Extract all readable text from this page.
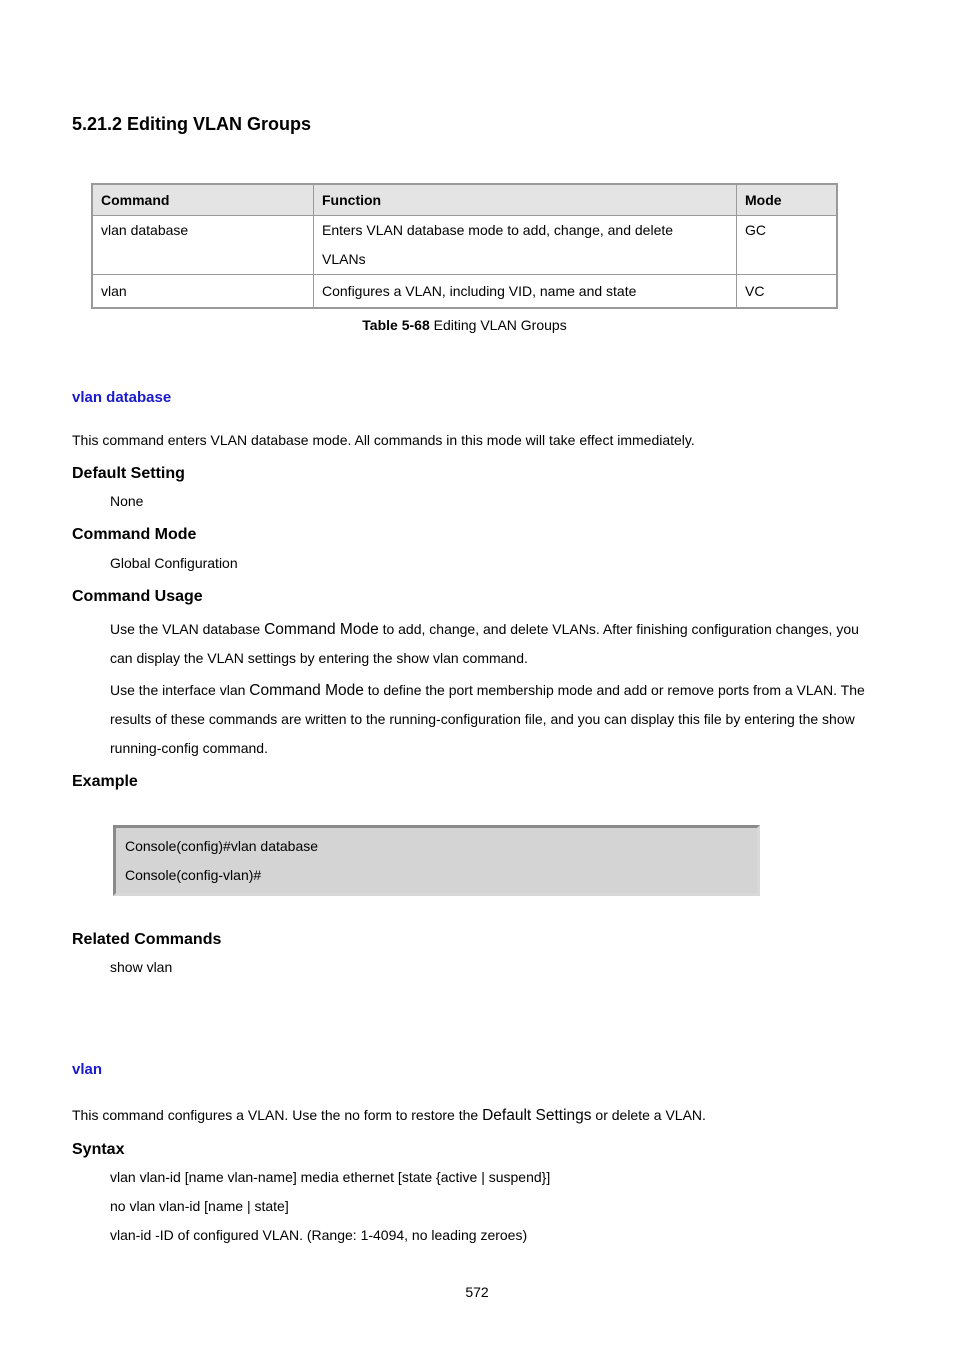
5.21.2 Editing VLAN Groups
Command	Function	Mode
vlan database	Enters VLAN database mode to add, change, and delete VLANs	GC
vlan	Configures a VLAN, including VID, name and state	VC
Table 5-68 Editing VLAN Groups
vlan database
This command enters VLAN database mode. All commands in this mode will take effect immediately.
Default Setting
None
Command Mode
Global Configuration
Command Usage
Use the VLAN database Command Mode to add, change, and delete VLANs. After finishing configuration changes, you can display the VLAN settings by entering the show vlan command.
Use the interface vlan Command Mode to define the port membership mode and add or remove ports from a VLAN. The results of these commands are written to the running-configuration file, and you can display this file by entering the show running-config command.
Example
Console(config)#vlan database
Console(config-vlan)#
Related Commands
show vlan
vlan
This command configures a VLAN. Use the no form to restore the Default Settings or delete a VLAN.
Syntax
vlan vlan-id [name vlan-name] media ethernet [state {active | suspend}]
no vlan vlan-id [name | state]
vlan-id -ID of configured VLAN. (Range: 1-4094, no leading zeroes)
572
